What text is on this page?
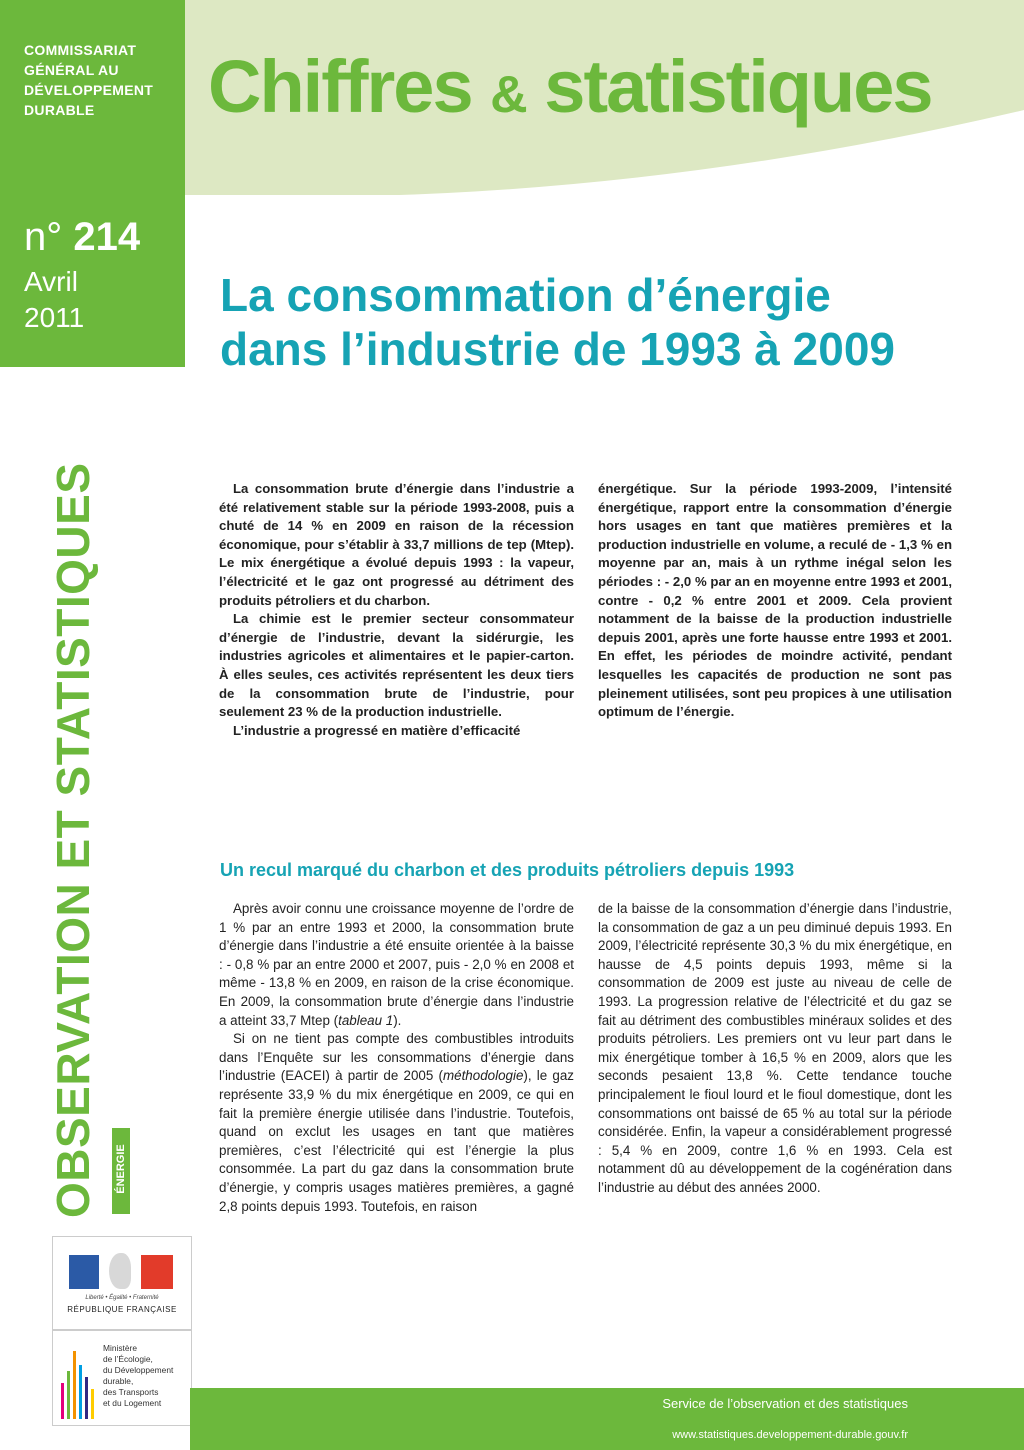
COMMISSARIAT
GÉNÉRAL AU
DÉVELOPPEMENT
DURABLE	Chiffres & statistiques
n° 214
Avril
2011	La consommation d’énergie
dans l’industrie de 1993 à 2009
OBSERVATION ET STATISTIQUES ÉNERGIE

La consommation brute d’énergie dans l’industrie a été relativement stable sur la période 1993-2008, puis a chuté de 14 % en 2009 en raison de la récession économique, pour s’établir à 33,7 millions de tep (Mtep). Le mix énergétique a évolué depuis 1993 : la vapeur, l’électricité et le gaz ont progressé au détriment des produits pétroliers et du charbon.

La chimie est le premier secteur consommateur d’énergie de l’industrie, devant la sidérurgie, les industries agricoles et alimentaires et le papier-carton. À elles seules, ces activités représentent les deux tiers de la consommation brute de l’industrie, pour seulement 23 % de la production industrielle.

L’industrie a progressé en matière d’efficacité

énergétique. Sur la période 1993-2009, l’intensité énergétique, rapport entre la consommation d’énergie hors usages en tant que matières premières et la production industrielle en volume, a reculé de - 1,3 % en moyenne par an, mais à un rythme inégal selon les périodes : - 2,0 % par an en moyenne entre 1993 et 2001, contre - 0,2 % entre 2001 et 2009. Cela provient notamment de la baisse de la production industrielle depuis 2001, après une forte hausse entre 1993 et 2001. En effet, les périodes de moindre activité, pendant lesquelles les capacités de production ne sont pas pleinement utilisées, sont peu propices à une utilisation optimum de l’énergie.

Un recul marqué du charbon et des produits pétroliers depuis 1993

Après avoir connu une croissance moyenne de l’ordre de 1 % par an entre 1993 et 2000, la consommation brute d’énergie dans l’industrie a été ensuite orientée à la baisse : - 0,8 % par an entre 2000 et 2007, puis - 2,0 % en 2008 et même - 13,8 % en 2009, en raison de la crise économique. En 2009, la consommation brute d’énergie dans l’industrie a atteint 33,7 Mtep (tableau 1).

Si on ne tient pas compte des combustibles introduits dans l’Enquête sur les consommations d’énergie dans l’industrie (EACEI) à partir de 2005 (méthodologie), le gaz représente 33,9 % du mix énergétique en 2009, ce qui en fait la première énergie utilisée dans l’industrie. Toutefois, quand on exclut les usages en tant que matières premières, c’est l’électricité qui est l’énergie la plus consommée. La part du gaz dans la consommation brute d’énergie, y compris usages matières premières, a gagné 2,8 points depuis 1993. Toutefois, en raison

de la baisse de la consommation d’énergie dans l’industrie, la consommation de gaz a un peu diminué depuis 1993. En 2009, l’électricité représente 30,3 % du mix énergétique, en hausse de 4,5 points depuis 1993, même si la consommation de 2009 est juste au niveau de celle de 1993. La progression relative de l’électricité et du gaz se fait au détriment des combustibles minéraux solides et des produits pétroliers. Les premiers ont vu leur part dans le mix énergétique tomber à 16,5 % en 2009, alors que les seconds pesaient 13,8 %. Cette tendance touche principalement le fioul lourd et le fioul domestique, dont les consommations ont baissé de 65 % au total sur la période considérée. Enfin, la vapeur a considérablement progressé : 5,4 % en 2009, contre 1,6 % en 1993. Cela est notamment dû au développement de la cogénération dans l’industrie au début des années 2000.

Liberté • Égalité • Fraternité
RÉPUBLIQUE FRANÇAISE
Ministère
de l’Écologie,
du Développement
durable,
des Transports
et du Logement	Service de l’observation et des statistiques
www.statistiques.developpement-durable.gouv.fr
